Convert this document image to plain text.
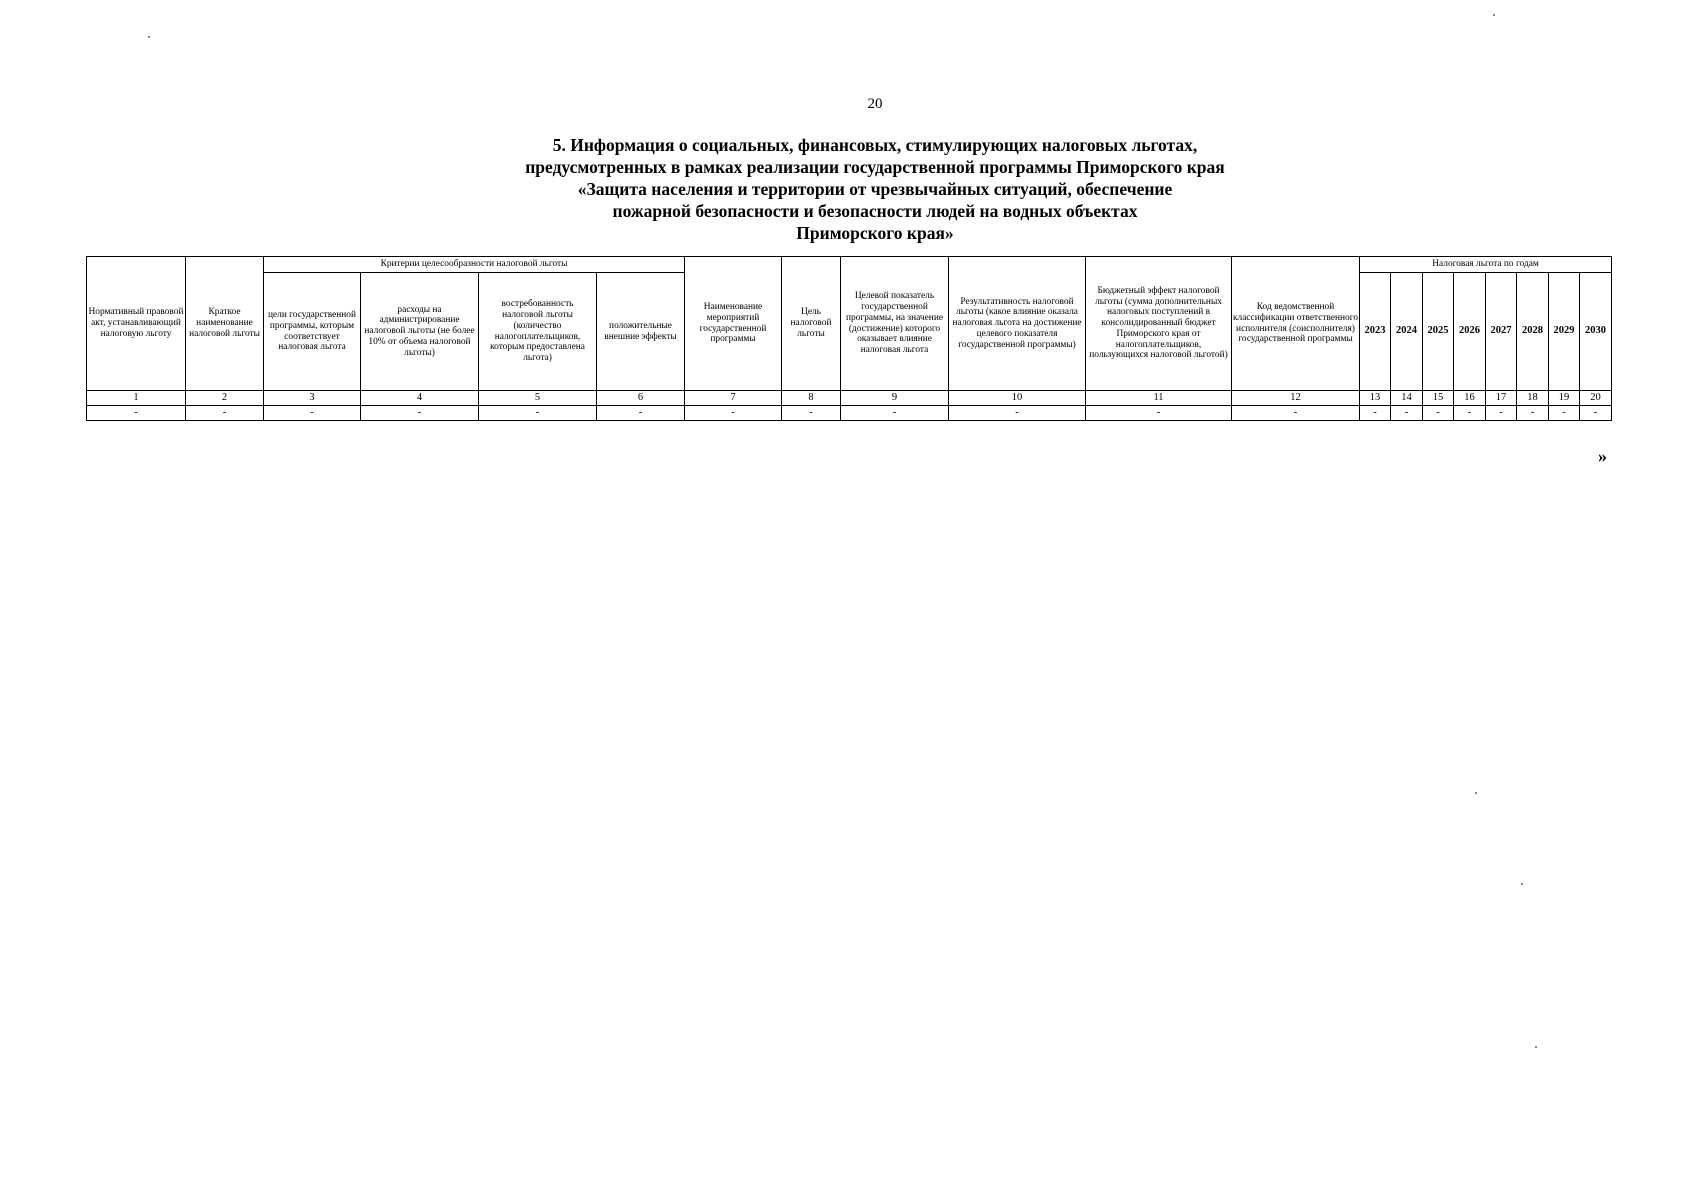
20
5. Информация о социальных, финансовых, стимулирующих налоговых льготах,
предусмотренных в рамках реализации государственной программы Приморского края
«Защита населения и территории от чрезвычайных ситуаций, обеспечение
пожарной безопасности и безопасности людей на водных объектах
Приморского края»
Нормативный правовой акт, устанавливающий налоговую льготу	Краткое наименование налоговой льготы	Критерии целесообразности налоговой льготы				Наименование мероприятий государственной программы	Цель налоговой льготы	Целевой показатель государственной программы, на значение (достижение) которого оказывает влияние налоговая льгота	Результативность налоговой льготы (какое влияние оказала налоговая льгота на достижение целевого показателя государственной программы)	Бюджетный эффект налоговой льготы (сумма дополнительных налоговых поступлений в консолидированный бюджет Приморского края от налогоплательщиков, пользующихся налоговой льготой)	Код ведомственной классификации ответственного исполнителя (соисполнителя) государственной программы	Налоговая льгота по годам							
		цели государственной программы, которым соответствует налоговая льгота	расходы на администрирование налоговой льготы (не более 10% от объема налоговой льготы)	востребованность налоговой льготы (количество налогоплательщиков, которым предоставлена льгота)	положительные внешние эффекты							2023	2024	2025	2026	2027	2028	2029	2030
1	2	3	4	5	6	7	8	9	10	11	12	13	14	15	16	17	18	19	20
-	-	-	-	-	-	-	-	-	-	-	-	-	-	-	-	-	-	-	-
»
